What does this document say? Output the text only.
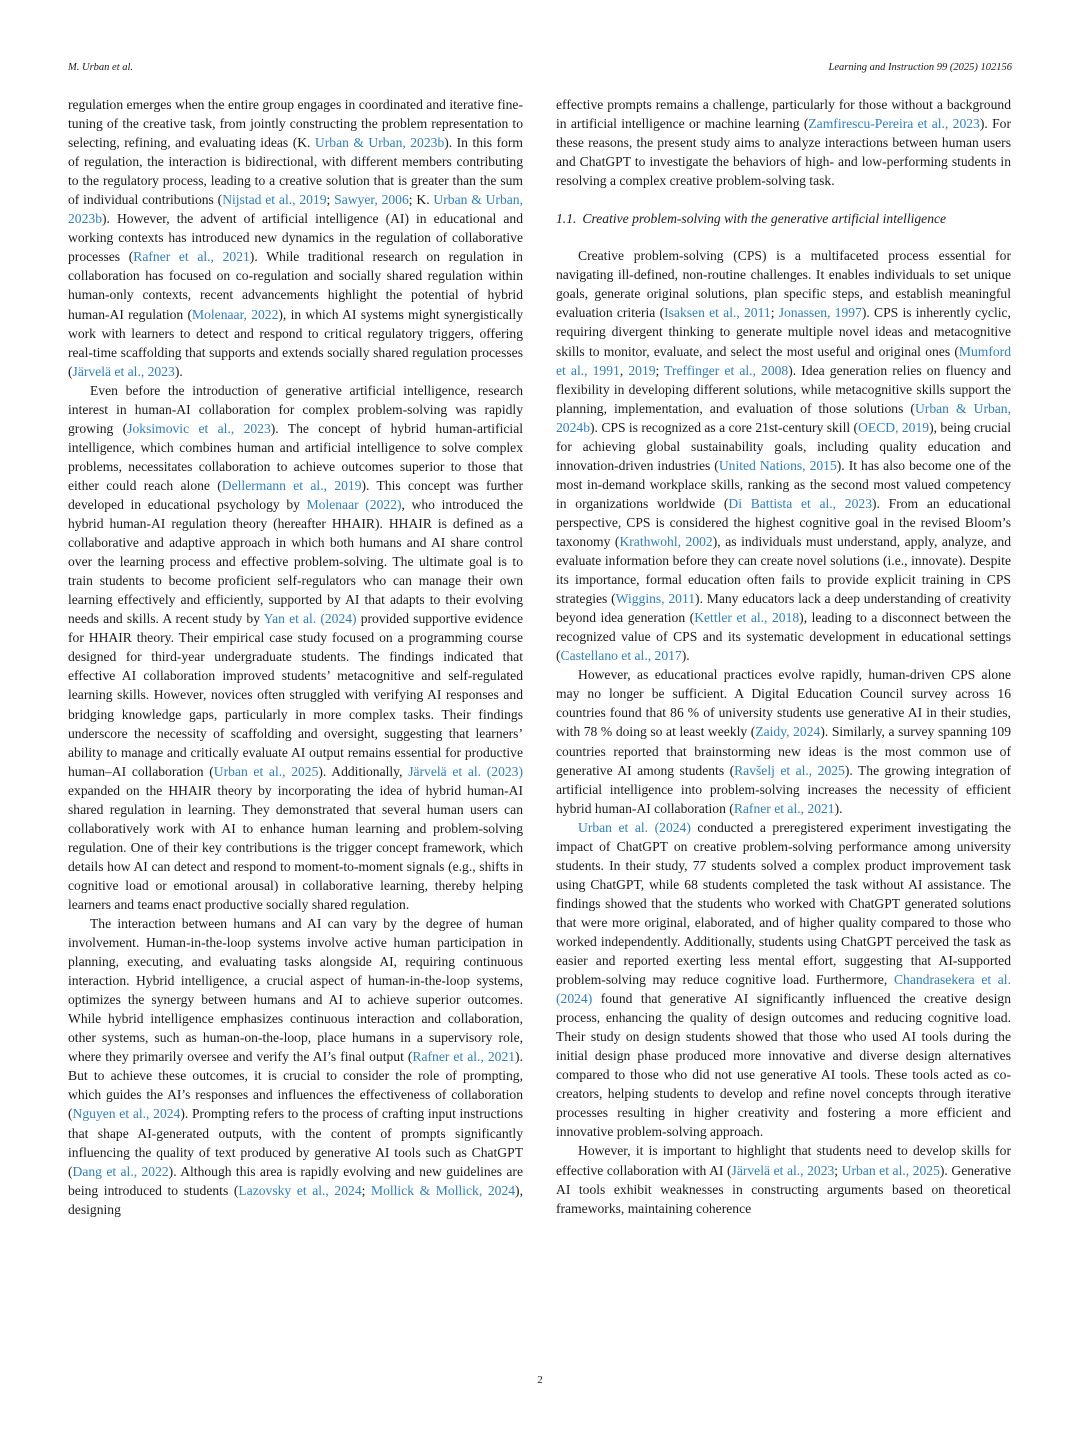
M. Urban et al.	Learning and Instruction 99 (2025) 102156

regulation emerges when the entire group engages in coordinated and iterative fine-tuning of the creative task, from jointly constructing the problem representation to selecting, refining, and evaluating ideas (K. Urban & Urban, 2023b). In this form of regulation, the interaction is bidirectional, with different members contributing to the regulatory process, leading to a creative solution that is greater than the sum of individual contributions (Nijstad et al., 2019; Sawyer, 2006; K. Urban & Urban, 2023b). However, the advent of artificial intelligence (AI) in educational and working contexts has introduced new dynamics in the regulation of collaborative processes (Rafner et al., 2021). While traditional research on regulation in collaboration has focused on co-regulation and socially shared regulation within human-only contexts, recent advancements highlight the potential of hybrid human-AI regulation (Molenaar, 2022), in which AI systems might synergistically work with learners to detect and respond to critical regulatory triggers, offering real-time scaffolding that supports and extends socially shared regulation processes (Järvelä et al., 2023).

Even before the introduction of generative artificial intelligence, research interest in human-AI collaboration for complex problem-solving was rapidly growing (Joksimovic et al., 2023). The concept of hybrid human-artificial intelligence, which combines human and artificial intelligence to solve complex problems, necessitates collaboration to achieve outcomes superior to those that either could reach alone (Dellermann et al., 2019). This concept was further developed in educational psychology by Molenaar (2022), who introduced the hybrid human-AI regulation theory (hereafter HHAIR). HHAIR is defined as a collaborative and adaptive approach in which both humans and AI share control over the learning process and effective problem-solving. The ultimate goal is to train students to become proficient self-regulators who can manage their own learning effectively and efficiently, supported by AI that adapts to their evolving needs and skills. A recent study by Yan et al. (2024) provided supportive evidence for HHAIR theory. Their empirical case study focused on a programming course designed for third-year undergraduate students. The findings indicated that effective AI collaboration improved students’ metacognitive and self-regulated learning skills. However, novices often struggled with verifying AI responses and bridging knowledge gaps, particularly in more complex tasks. Their findings underscore the necessity of scaffolding and oversight, suggesting that learners’ ability to manage and critically evaluate AI output remains essential for productive human–AI collaboration (Urban et al., 2025). Additionally, Järvelä et al. (2023) expanded on the HHAIR theory by incorporating the idea of hybrid human-AI shared regulation in learning. They demonstrated that several human users can collaboratively work with AI to enhance human learning and problem-solving regulation. One of their key contributions is the trigger concept framework, which details how AI can detect and respond to moment-to-moment signals (e.g., shifts in cognitive load or emotional arousal) in collaborative learning, thereby helping learners and teams enact productive socially shared regulation.

The interaction between humans and AI can vary by the degree of human involvement. Human-in-the-loop systems involve active human participation in planning, executing, and evaluating tasks alongside AI, requiring continuous interaction. Hybrid intelligence, a crucial aspect of human-in-the-loop systems, optimizes the synergy between humans and AI to achieve superior outcomes. While hybrid intelligence emphasizes continuous interaction and collaboration, other systems, such as human-on-the-loop, place humans in a supervisory role, where they primarily oversee and verify the AI’s final output (Rafner et al., 2021). But to achieve these outcomes, it is crucial to consider the role of prompting, which guides the AI’s responses and influences the effectiveness of collaboration (Nguyen et al., 2024). Prompting refers to the process of crafting input instructions that shape AI-generated outputs, with the content of prompts significantly influencing the quality of text produced by generative AI tools such as ChatGPT (Dang et al., 2022). Although this area is rapidly evolving and new guidelines are being introduced to students (Lazovsky et al., 2024; Mollick & Mollick, 2024), designing

effective prompts remains a challenge, particularly for those without a background in artificial intelligence or machine learning (Zamfirescu-Pereira et al., 2023). For these reasons, the present study aims to analyze interactions between human users and ChatGPT to investigate the behaviors of high- and low-performing students in resolving a complex creative problem-solving task.

1.1. Creative problem-solving with the generative artificial intelligence

Creative problem-solving (CPS) is a multifaceted process essential for navigating ill-defined, non-routine challenges. It enables individuals to set unique goals, generate original solutions, plan specific steps, and establish meaningful evaluation criteria (Isaksen et al., 2011; Jonassen, 1997). CPS is inherently cyclic, requiring divergent thinking to generate multiple novel ideas and metacognitive skills to monitor, evaluate, and select the most useful and original ones (Mumford et al., 1991, 2019; Treffinger et al., 2008). Idea generation relies on fluency and flexibility in developing different solutions, while metacognitive skills support the planning, implementation, and evaluation of those solutions (Urban & Urban, 2024b). CPS is recognized as a core 21st-century skill (OECD, 2019), being crucial for achieving global sustainability goals, including quality education and innovation-driven industries (United Nations, 2015). It has also become one of the most in-demand workplace skills, ranking as the second most valued competency in organizations worldwide (Di Battista et al., 2023). From an educational perspective, CPS is considered the highest cognitive goal in the revised Bloom’s taxonomy (Krathwohl, 2002), as individuals must understand, apply, analyze, and evaluate information before they can create novel solutions (i.e., innovate). Despite its importance, formal education often fails to provide explicit training in CPS strategies (Wiggins, 2011). Many educators lack a deep understanding of creativity beyond idea generation (Kettler et al., 2018), leading to a disconnect between the recognized value of CPS and its systematic development in educational settings (Castellano et al., 2017).

However, as educational practices evolve rapidly, human-driven CPS alone may no longer be sufficient. A Digital Education Council survey across 16 countries found that 86 % of university students use generative AI in their studies, with 78 % doing so at least weekly (Zaidy, 2024). Similarly, a survey spanning 109 countries reported that brainstorming new ideas is the most common use of generative AI among students (Ravšelj et al., 2025). The growing integration of artificial intelligence into problem-solving increases the necessity of efficient hybrid human-AI collaboration (Rafner et al., 2021).

Urban et al. (2024) conducted a preregistered experiment investigating the impact of ChatGPT on creative problem-solving performance among university students. In their study, 77 students solved a complex product improvement task using ChatGPT, while 68 students completed the task without AI assistance. The findings showed that the students who worked with ChatGPT generated solutions that were more original, elaborated, and of higher quality compared to those who worked independently. Additionally, students using ChatGPT perceived the task as easier and reported exerting less mental effort, suggesting that AI-supported problem-solving may reduce cognitive load. Furthermore, Chandrasekera et al. (2024) found that generative AI significantly influenced the creative design process, enhancing the quality of design outcomes and reducing cognitive load. Their study on design students showed that those who used AI tools during the initial design phase produced more innovative and diverse design alternatives compared to those who did not use generative AI tools. These tools acted as co-creators, helping students to develop and refine novel concepts through iterative processes resulting in higher creativity and fostering a more efficient and innovative problem-solving approach.

However, it is important to highlight that students need to develop skills for effective collaboration with AI (Järvelä et al., 2023; Urban et al., 2025). Generative AI tools exhibit weaknesses in constructing arguments based on theoretical frameworks, maintaining coherence

2
